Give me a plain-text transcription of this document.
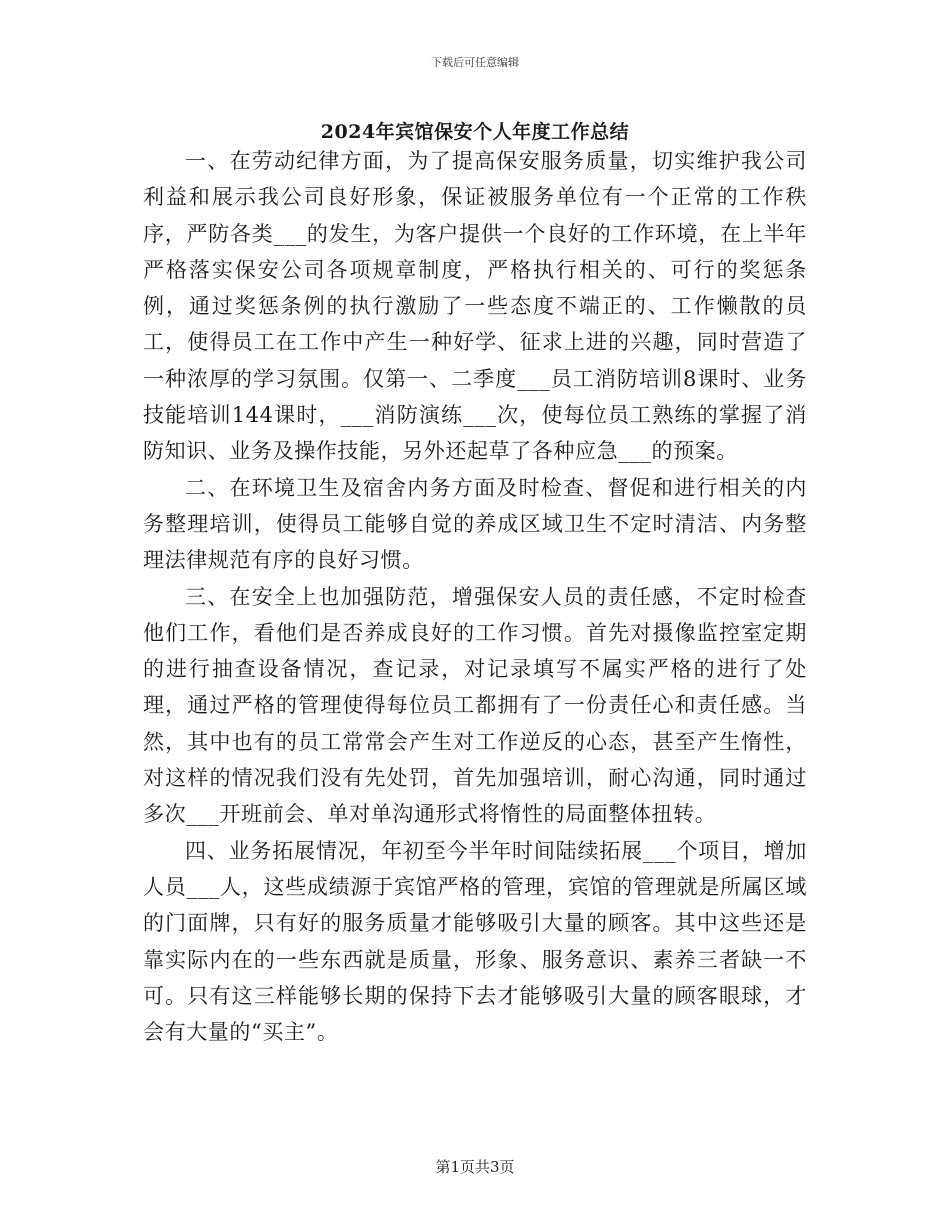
下载后可任意编辑
2024年宾馆保安个人年度工作总结

一、在劳动纪律方面，为了提高保安服务质量，切实维护我公司利益和展示我公司良好形象，保证被服务单位有一个正常的工作秩序，严防各类___的发生，为客户提供一个良好的工作环境，在上半年严格落实保安公司各项规章制度，严格执行相关的、可行的奖惩条例，通过奖惩条例的执行激励了一些态度不端正的、工作懒散的员工，使得员工在工作中产生一种好学、征求上进的兴趣，同时营造了一种浓厚的学习氛围。仅第一、二季度___员工消防培训8课时、业务技能培训144课时，___消防演练___次，使每位员工熟练的掌握了消防知识、业务及操作技能，另外还起草了各种应急___的预案。

二、在环境卫生及宿舍内务方面及时检查、督促和进行相关的内务整理培训，使得员工能够自觉的养成区域卫生不定时清洁、内务整理法律规范有序的良好习惯。

三、在安全上也加强防范，增强保安人员的责任感，不定时检查他们工作，看他们是否养成良好的工作习惯。首先对摄像监控室定期的进行抽查设备情况，查记录，对记录填写不属实严格的进行了处理，通过严格的管理使得每位员工都拥有了一份责任心和责任感。当然，其中也有的员工常常会产生对工作逆反的心态，甚至产生惰性，对这样的情况我们没有先处罚，首先加强培训，耐心沟通，同时通过多次___开班前会、单对单沟通形式将惰性的局面整体扭转。

四、业务拓展情况，年初至今半年时间陆续拓展___个项目，增加人员___人，这些成绩源于宾馆严格的管理，宾馆的管理就是所属区域的门面牌，只有好的服务质量才能够吸引大量的顾客。其中这些还是靠实际内在的一些东西就是质量，形象、服务意识、素养三者缺一不可。只有这三样能够长期的保持下去才能够吸引大量的顾客眼球，才会有大量的“买主”。

第1页共3页
